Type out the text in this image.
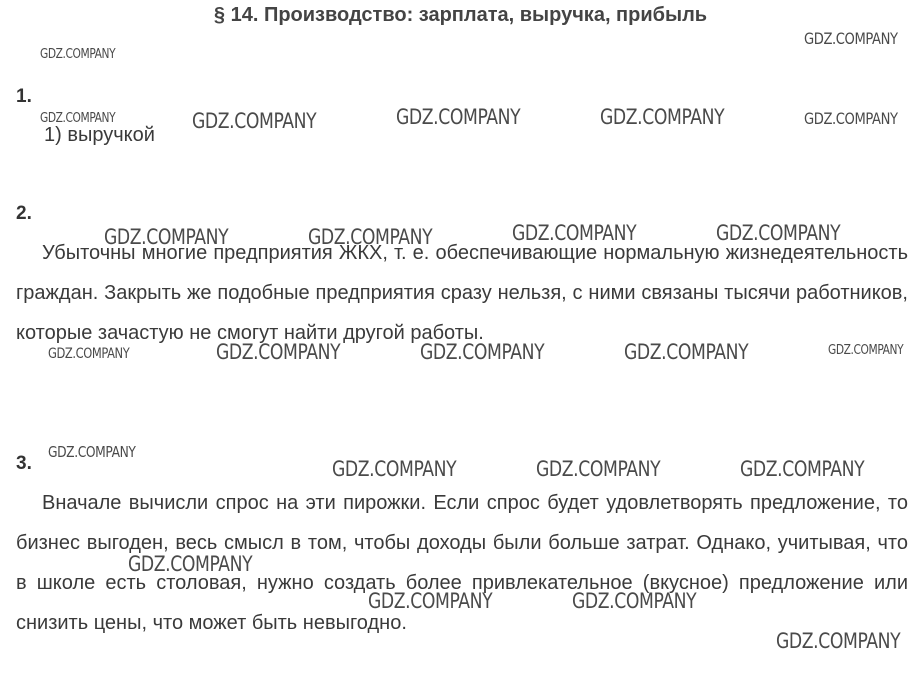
§ 14. Производство: зарплата, выручка, прибыль
1.
1) выручкой
2.

Убыточны многие предприятия ЖКХ, т. е. обеспечивающие нормальную жизнедеятельность граждан. Закрыть же подобные предприятия сразу нельзя, с ними связаны тысячи работников, которые зачастую не смогут найти другой работы.

3.

Вначале вычисли спрос на эти пирожки. Если спрос будет удовлетворять предложение, то бизнес выгоден, весь смысл в том, чтобы доходы были больше затрат. Однако, учитывая, что в школе есть столовая, нужно создать более привлекательное (вкусное) предложение или снизить цены, что может быть невыгодно.

GDZ.COMPANY
GDZ.COMPANY
GDZ.COMPANY	GDZ.COMPANY	GDZ.COMPANY	GDZ.COMPANY	GDZ.COMPANY
GDZ.COMPANY	GDZ.COMPANY	GDZ.COMPANY	GDZ.COMPANY
GDZ.COMPANY	GDZ.COMPANY	GDZ.COMPANY	GDZ.COMPANY	GDZ.COMPANY
GDZ.COMPANY
GDZ.COMPANY	GDZ.COMPANY	GDZ.COMPANY
GDZ.COMPANY
GDZ.COMPANY	GDZ.COMPANY
GDZ.COMPANY
